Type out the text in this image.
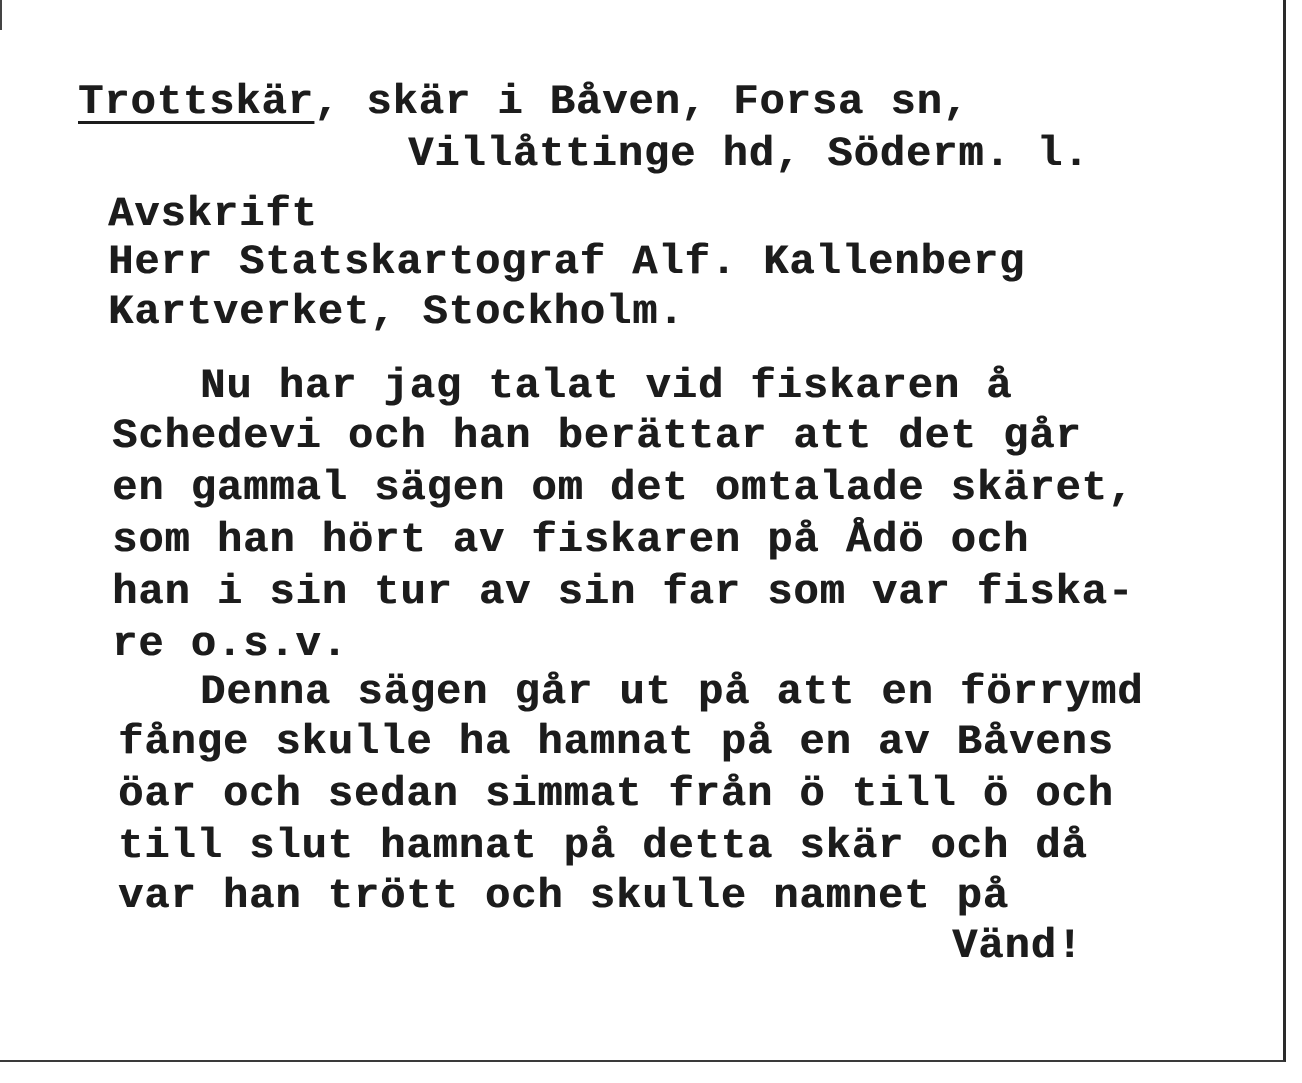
Trottskär, skär i Båven, Forsa sn,
Villåttinge hd, Söderm. l.
Avskrift
Herr Statskartograf Alf. Kallenberg
Kartverket, Stockholm.
Nu har jag talat vid fiskaren å
Schedevi och han berättar att det går
en gammal sägen om det omtalade skäret,
som han hört av fiskaren på Ådö och
han i sin tur av sin far som var fiska-
re o.s.v.
Denna sägen går ut på att en förrymd
fånge skulle ha hamnat på en av Båvens
öar och sedan simmat från ö till ö och
till slut hamnat på detta skär och då
var han trött och skulle namnet på
Vänd!
